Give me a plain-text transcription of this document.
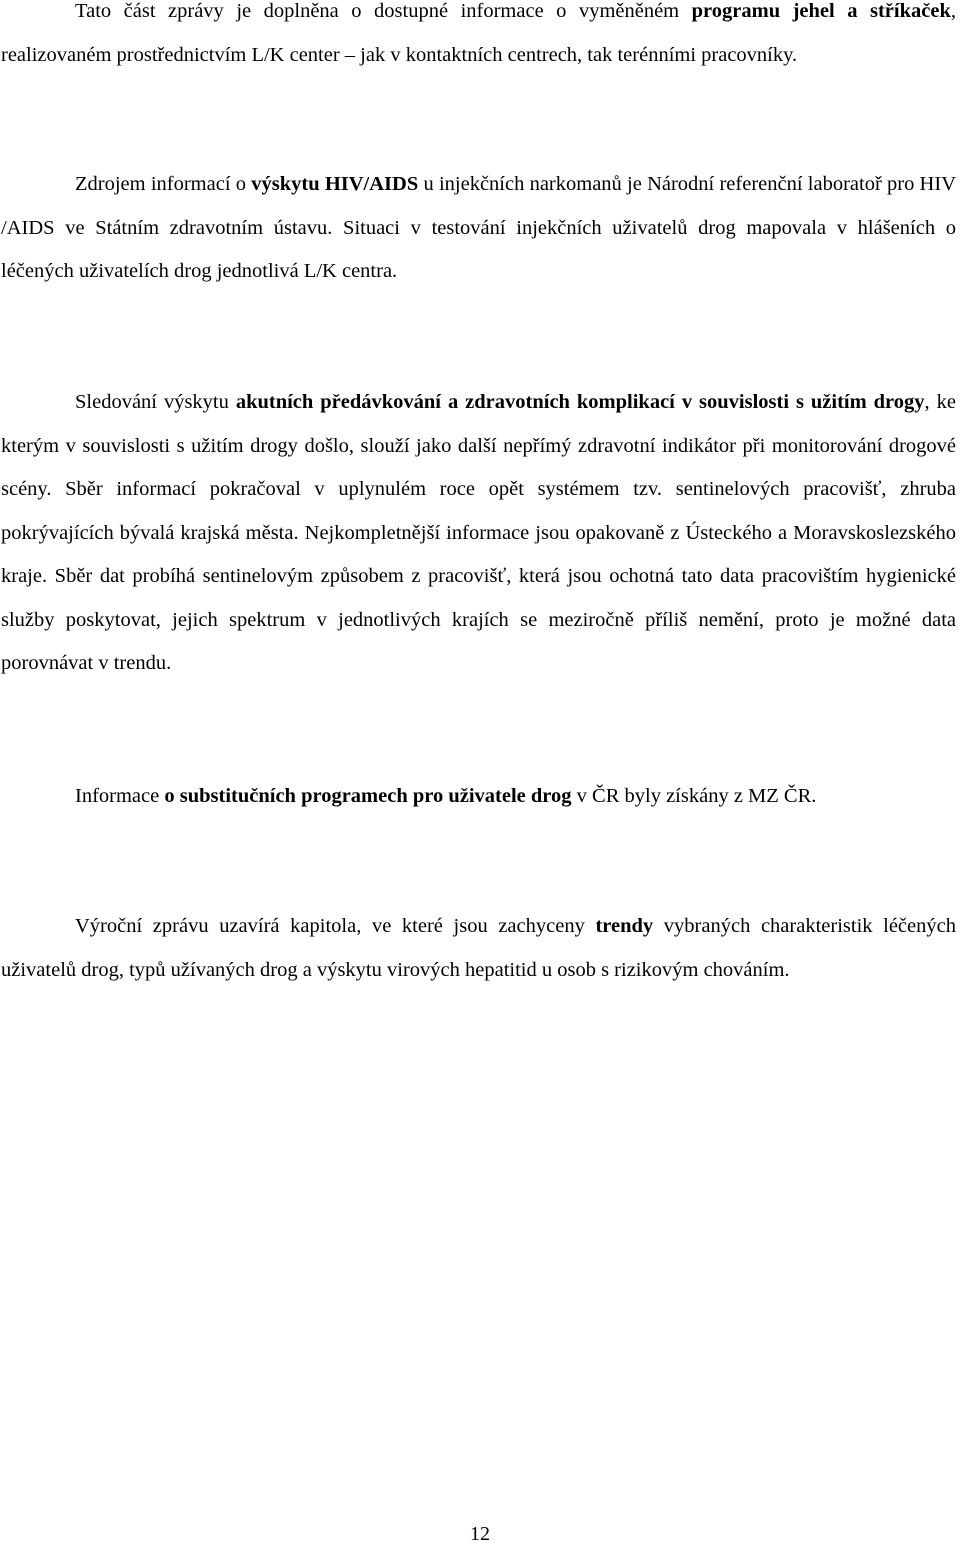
Tato část zprávy je doplněna o dostupné informace o vyměněném programu jehel a stříkaček, realizovaném prostřednictvím L/K center – jak v kontaktních centrech, tak terénními pracovníky.

Zdrojem informací o výskytu HIV/AIDS u injekčních narkomanů je Národní referenční laboratoř pro HIV /AIDS ve Státním zdravotním ústavu. Situaci v testování injekčních uživatelů drog mapovala v hlášeních o léčených uživatelích drog jednotlivá L/K centra.

Sledování výskytu akutních předávkování a zdravotních komplikací v souvislosti s užitím drogy, ke kterým v souvislosti s užitím drogy došlo, slouží jako další nepřímý zdravotní indikátor při monitorování drogové scény. Sběr informací pokračoval v uplynulém roce opět systémem tzv. sentinelových pracovišť, zhruba pokrývajících bývalá krajská města. Nejkompletnější informace jsou opakovaně z Ústeckého a Moravskoslezského kraje. Sběr dat probíhá sentinelovým způsobem z pracovišť, která jsou ochotná tato data pracovištím hygienické služby poskytovat, jejich spektrum v jednotlivých krajích se meziročně příliš nemění, proto je možné data porovnávat v trendu.

Informace o substitučních programech pro uživatele drog v ČR byly získány z MZ ČR.

Výroční zprávu uzavírá kapitola, ve které jsou zachyceny trendy vybraných charakteristik léčených uživatelů drog, typů užívaných drog a výskytu virových hepatitid u osob s rizikovým chováním.

12
